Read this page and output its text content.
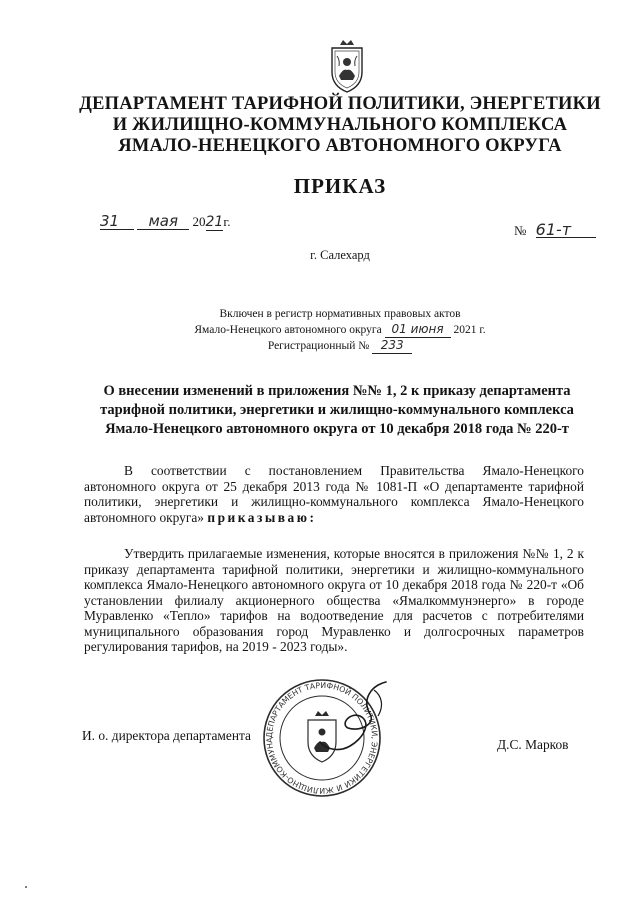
ДЕПАРТАМЕНТ ТАРИФНОЙ ПОЛИТИКИ, ЭНЕРГЕТИКИ
И ЖИЛИЩНО-КОММУНАЛЬНОГО КОМПЛЕКСА
ЯМАЛО-НЕНЕЦКОГО АВТОНОМНОГО ОКРУГА
ПРИКАЗ
31 мая 2021г.
№ 61-т
г. Салехард
Включен в регистр нормативных правовых актов
Ямало-Ненецкого автономного округа 01 июня 2021 г.
Регистрационный № 233
О внесении изменений в приложения №№ 1, 2 к приказу департамента тарифной политики, энергетики и жилищно-коммунального комплекса Ямало-Ненецкого автономного округа от 10 декабря 2018 года № 220-т
В соответствии с постановлением Правительства Ямало-Ненецкого автономного округа от 25 декабря 2013 года № 1081-П «О департаменте тарифной политики, энергетики и жилищно-коммунального комплекса Ямало-Ненецкого автономного округа» приказываю:
Утвердить прилагаемые изменения, которые вносятся в приложения №№ 1, 2 к приказу департамента тарифной политики, энергетики и жилищно-коммунального комплекса Ямало-Ненецкого автономного округа от 10 декабря 2018 года № 220-т «Об установлении филиалу акционерного общества «Ямалкоммунэнерго» в городе Муравленко «Тепло» тарифов на водоотведение для расчетов с потребителями муниципального образования город Муравленко и долгосрочных параметров регулирования тарифов, на 2019 - 2023 годы».
ДЕПАРТАМЕНТ ТАРИФНОЙ ПОЛИТИКИ, ЭНЕРГЕТИКИ И ЖИЛИЩНО-КОММУНА
И. о. директора департамента
Д.С. Марков
